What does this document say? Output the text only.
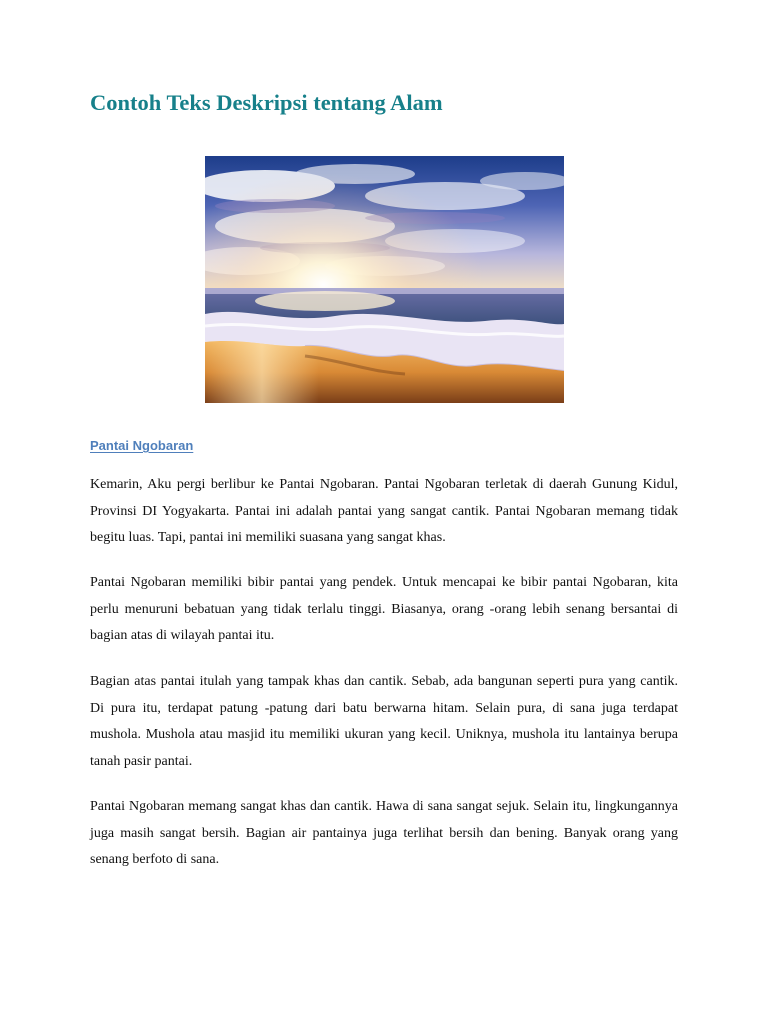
Contoh Teks Deskripsi tentang Alam
Pantai Ngobaran

Kemarin, Aku pergi berlibur ke Pantai Ngobaran. Pantai Ngobaran terletak di daerah Gunung Kidul, Provinsi DI Yogyakarta. Pantai ini adalah pantai yang sangat cantik. Pantai Ngobaran memang tidak begitu luas. Tapi, pantai ini memiliki suasana yang sangat khas.

Pantai Ngobaran memiliki bibir pantai yang pendek. Untuk mencapai ke bibir pantai Ngobaran, kita perlu menuruni bebatuan yang tidak terlalu tinggi. Biasanya, orang -orang lebih senang bersantai di bagian atas di wilayah pantai itu.

Bagian atas pantai itulah yang tampak khas dan cantik. Sebab, ada bangunan seperti pura yang cantik. Di pura itu, terdapat patung -patung dari batu berwarna hitam. Selain pura, di sana juga terdapat mushola. Mushola atau masjid itu memiliki ukuran yang kecil. Uniknya, mushola itu lantainya berupa tanah pasir pantai.

Pantai Ngobaran memang sangat khas dan cantik. Hawa di sana sangat sejuk. Selain itu, lingkungannya juga masih sangat bersih. Bagian air pantainya juga terlihat bersih dan bening. Banyak orang yang senang berfoto di sana.
